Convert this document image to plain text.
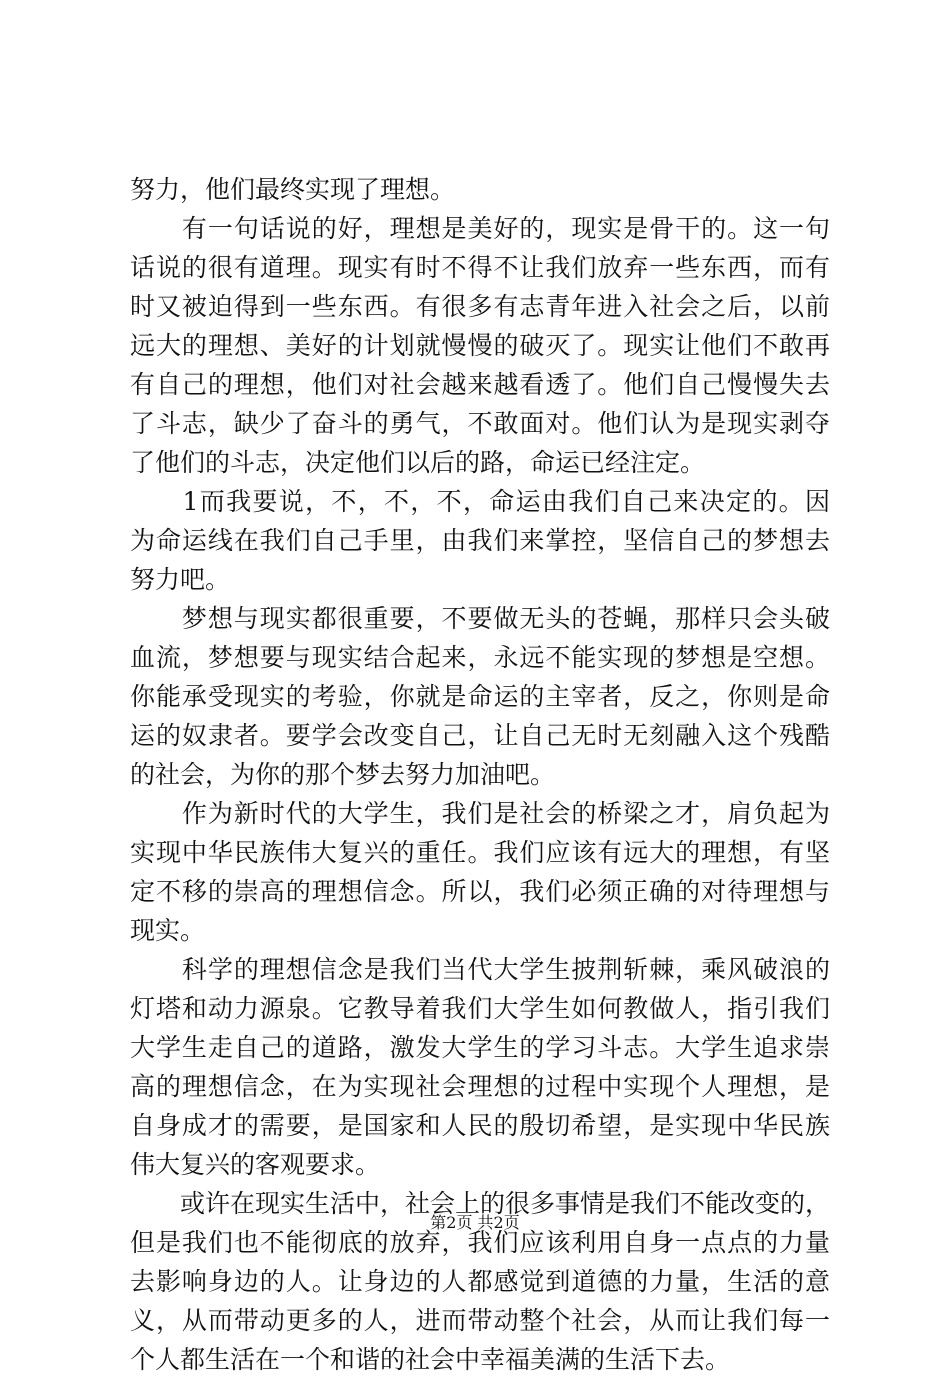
努力，他们最终实现了理想。
　　有一句话说的好，理想是美好的，现实是骨干的。这一句
话说的很有道理。现实有时不得不让我们放弃一些东西，而有
时又被迫得到一些东西。有很多有志青年进入社会之后，以前
远大的理想、美好的计划就慢慢的破灭了。现实让他们不敢再
有自己的理想，他们对社会越来越看透了。他们自己慢慢失去
了斗志，缺少了奋斗的勇气，不敢面对。他们认为是现实剥夺
了他们的斗志，决定他们以后的路，命运已经注定。
　　1而我要说，不，不，不，命运由我们自己来决定的。因
为命运线在我们自己手里，由我们来掌控，坚信自己的梦想去
努力吧。
　　梦想与现实都很重要，不要做无头的苍蝇，那样只会头破
血流，梦想要与现实结合起来，永远不能实现的梦想是空想。
你能承受现实的考验，你就是命运的主宰者，反之，你则是命
运的奴隶者。要学会改变自己，让自己无时无刻融入这个残酷
的社会，为你的那个梦去努力加油吧。
　　作为新时代的大学生，我们是社会的桥梁之才，肩负起为
实现中华民族伟大复兴的重任。我们应该有远大的理想，有坚
定不移的崇高的理想信念。所以，我们必须正确的对待理想与
现实。
　　科学的理想信念是我们当代大学生披荆斩棘，乘风破浪的
灯塔和动力源泉。它教导着我们大学生如何教做人，指引我们
大学生走自己的道路，激发大学生的学习斗志。大学生追求崇
高的理想信念，在为实现社会理想的过程中实现个人理想，是
自身成才的需要，是国家和人民的殷切希望，是实现中华民族
伟大复兴的客观要求。
　　或许在现实生活中，社会上的很多事情是我们不能改变的，
但是我们也不能彻底的放弃，我们应该利用自身一点点的力量
去影响身边的人。让身边的人都感觉到道德的力量，生活的意
义，从而带动更多的人，进而带动整个社会，从而让我们每一
个人都生活在一个和谐的社会中幸福美满的生活下去。
第2页 共2页
